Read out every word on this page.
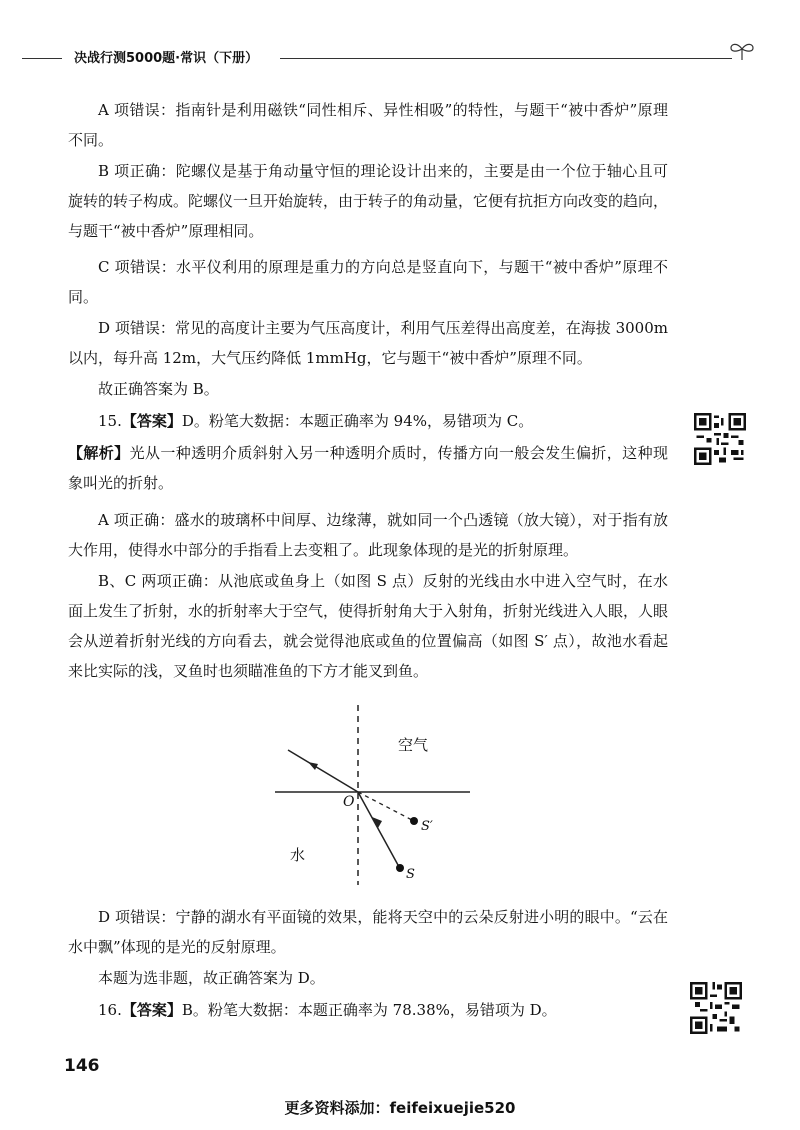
决战行测5000题·常识（下册）

A 项错误：指南针是利用磁铁“同性相斥、异性相吸”的特性，与题干“被中香炉”原理不同。

B 项正确：陀螺仪是基于角动量守恒的理论设计出来的，主要是由一个位于轴心且可旋转的转子构成。陀螺仪一旦开始旋转，由于转子的角动量，它便有抗拒方向改变的趋向，与题干“被中香炉”原理相同。

C 项错误：水平仪利用的原理是重力的方向总是竖直向下，与题干“被中香炉”原理不同。

D 项错误：常见的高度计主要为气压高度计，利用气压差得出高度差，在海拔 3000m 以内，每升高 12m，大气压约降低 1mmHg，它与题干“被中香炉”原理不同。

故正确答案为 B。

15.【答案】D。粉笔大数据：本题正确率为 94%，易错项为 C。

【解析】光从一种透明介质斜射入另一种透明介质时，传播方向一般会发生偏折，这种现象叫光的折射。

A 项正确：盛水的玻璃杯中间厚、边缘薄，就如同一个凸透镜（放大镜），对于指有放大作用，使得水中部分的手指看上去变粗了。此现象体现的是光的折射原理。

B、C 两项正确：从池底或鱼身上（如图 S 点）反射的光线由水中进入空气时，在水面上发生了折射，水的折射率大于空气，使得折射角大于入射角，折射光线进入人眼，人眼会从逆着折射光线的方向看去，就会觉得池底或鱼的位置偏高（如图 S′ 点），故池水看起来比实际的浅，叉鱼时也须瞄准鱼的下方才能叉到鱼。

空气
水
O
S′
S

D 项错误：宁静的湖水有平面镜的效果，能将天空中的云朵反射进小明的眼中。“云在水中飘”体现的是光的反射原理。

本题为选非题，故正确答案为 D。

16.【答案】B。粉笔大数据：本题正确率为 78.38%，易错项为 D。

146
更多资料添加：feifeixuejie520
